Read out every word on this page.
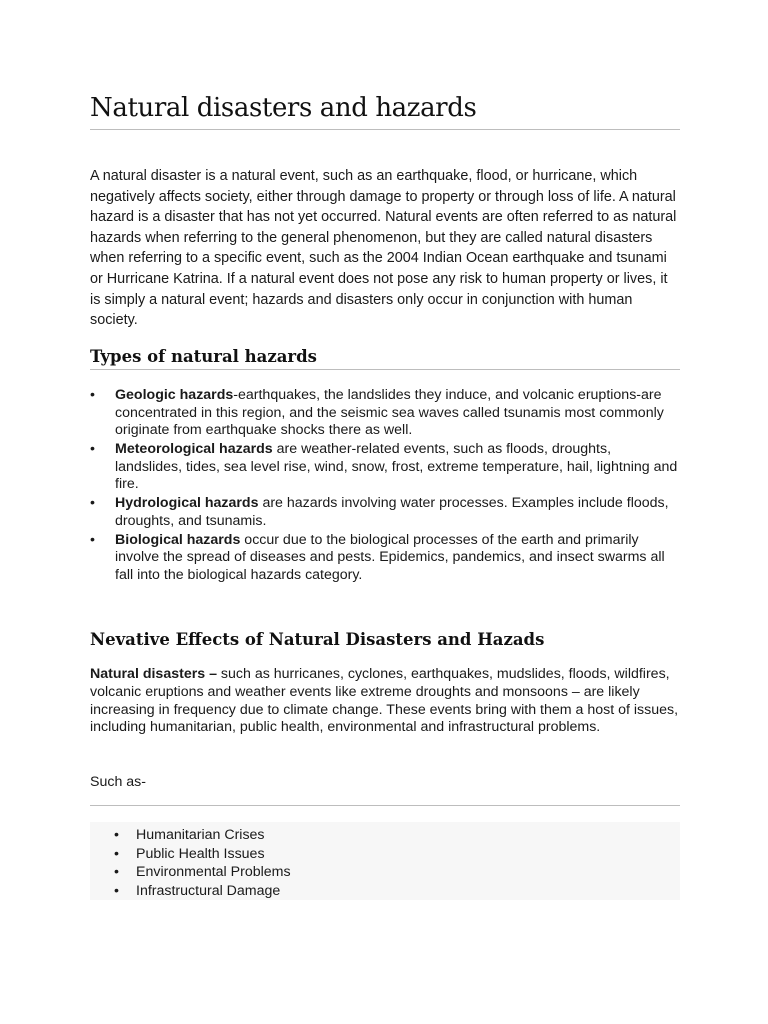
Natural disasters and hazards

A natural disaster is a natural event, such as an earthquake, flood, or hurricane, which negatively affects society, either through damage to property or through loss of life. A natural hazard is a disaster that has not yet occurred. Natural events are often referred to as natural hazards when referring to the general phenomenon, but they are called natural disasters when referring to a specific event, such as the 2004 Indian Ocean earthquake and tsunami or Hurricane Katrina. If a natural event does not pose any risk to human property or lives, it is simply a natural event; hazards and disasters only occur in conjunction with human society.

Types of natural hazards
• Geologic hazards-earthquakes, the landslides they induce, and volcanic eruptions-are concentrated in this region, and the seismic sea waves called tsunamis most commonly originate from earthquake shocks there as well.
• Meteorological hazards are weather-related events, such as floods, droughts, landslides, tides, sea level rise, wind, snow, frost, extreme temperature, hail, lightning and fire.
• Hydrological hazards are hazards involving water processes. Examples include floods, droughts, and tsunamis.
• Biological hazards occur due to the biological processes of the earth and primarily involve the spread of diseases and pests. Epidemics, pandemics, and insect swarms all fall into the biological hazards category.
Nevative Effects of Natural Disasters and Hazads

Natural disasters – such as hurricanes, cyclones, earthquakes, mudslides, floods, wildfires, volcanic eruptions and weather events like extreme droughts and monsoons – are likely increasing in frequency due to climate change. These events bring with them a host of issues, including humanitarian, public health, environmental and infrastructural problems.

Such as-

• Humanitarian Crises
• Public Health Issues
• Environmental Problems
• Infrastructural Damage
